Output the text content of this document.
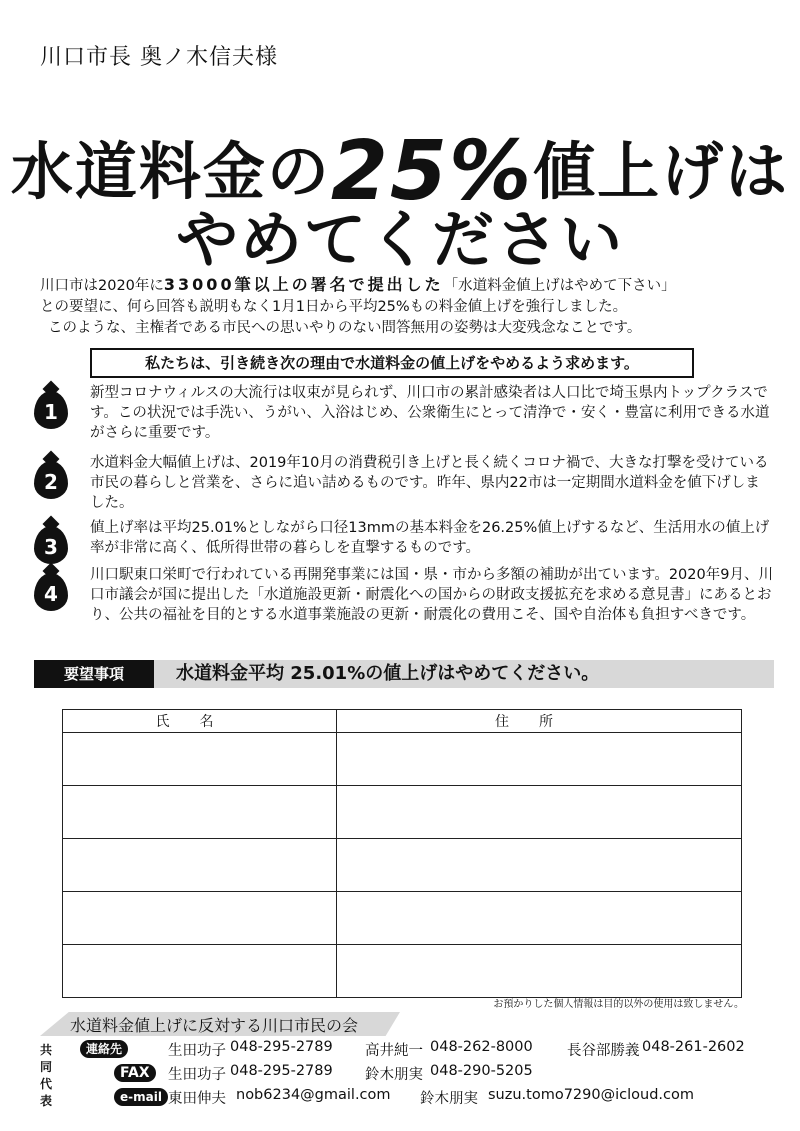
川口市長 奥ノ木信夫様
水道料金の25%値上げは
やめてください
川口市は2020年に33000筆以上の署名で提出した「水道料金値上げはやめて下さい」
との要望に、何ら回答も説明もなく1月1日から平均25%もの料金値上げを強行しました。
このような、主権者である市民への思いやりのない問答無用の姿勢は大変残念なことです。
私たちは、引き続き次の理由で水道料金の値上げをやめるよう求めます。
1
新型コロナウィルスの大流行は収束が見られず、川口市の累計感染者は人口比で埼玉県内トップクラスです。この状況では手洗い、うがい、入浴はじめ、公衆衛生にとって清浄で・安く・豊富に利用できる水道がさらに重要です。
2
水道料金大幅値上げは、2019年10月の消費税引き上げと長く続くコロナ禍で、大きな打撃を受けている市民の暮らしと営業を、さらに追い詰めるものです。昨年、県内22市は一定期間水道料金を値下げしました。
3
値上げ率は平均25.01%としながら口径13mmの基本料金を26.25%値上げするなど、生活用水の値上げ率が非常に高く、低所得世帯の暮らしを直撃するものです。
4
川口駅東口栄町で行われている再開発事業には国・県・市から多額の補助が出ています。2020年9月、川口市議会が国に提出した「水道施設更新・耐震化への国からの財政支援拡充を求める意見書」にあるとおり、公共の福祉を目的とする水道事業施設の更新・耐震化の費用こそ、国や自治体も負担すべきです。
要望事項	水道料金平均 25.01%の値上げはやめてください。
氏名	住所

お預かりした個人情報は目的以外の使用は致しません。
水道料金値上げに反対する川口市民の会
共同代表
連絡先	生田功子 048-295-2789 高井純一 048-262-8000 長谷部勝義 048-261-2602
FAX	生田功子 048-295-2789 鈴木朋実 048-290-5205
e-mail 東田伸夫 nob6234@gmail.com 鈴木朋実 suzu.tomo7290@icloud.com
